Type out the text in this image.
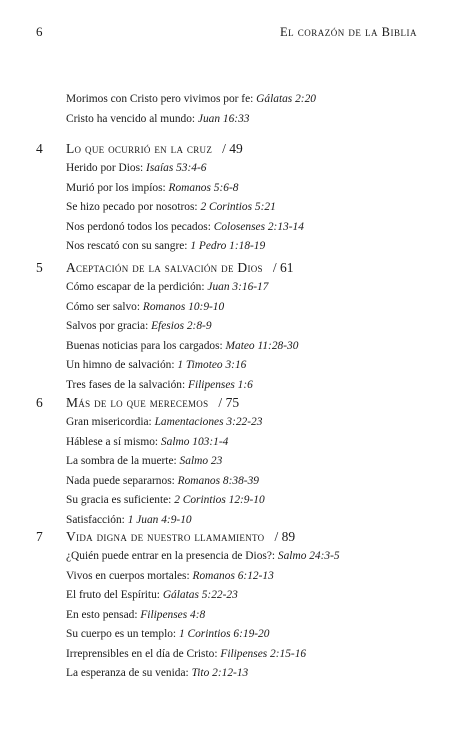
6	El corazón de la Biblia
Morimos con Cristo pero vivimos por fe: Gálatas 2:20
Cristo ha vencido al mundo: Juan 16:33
4 Lo que ocurrió en la cruz / 49
Herido por Dios: Isaías 53:4-6
Murió por los impíos: Romanos 5:6-8
Se hizo pecado por nosotros: 2 Corintios 5:21
Nos perdonó todos los pecados: Colosenses 2:13-14
Nos rescató con su sangre: 1 Pedro 1:18-19
5 Aceptación de la salvación de Dios / 61
Cómo escapar de la perdición: Juan 3:16-17
Cómo ser salvo: Romanos 10:9-10
Salvos por gracia: Efesios 2:8-9
Buenas noticias para los cargados: Mateo 11:28-30
Un himno de salvación: 1 Timoteo 3:16
Tres fases de la salvación: Filipenses 1:6
6 Más de lo que merecemos / 75
Gran misericordia: Lamentaciones 3:22-23
Háblese a sí mismo: Salmo 103:1-4
La sombra de la muerte: Salmo 23
Nada puede separarnos: Romanos 8:38-39
Su gracia es suficiente: 2 Corintios 12:9-10
Satisfacción: 1 Juan 4:9-10
7 Vida digna de nuestro llamamiento / 89
¿Quién puede entrar en la presencia de Dios?: Salmo 24:3-5
Vivos en cuerpos mortales: Romanos 6:12-13
El fruto del Espíritu: Gálatas 5:22-23
En esto pensad: Filipenses 4:8
Su cuerpo es un templo: 1 Corintios 6:19-20
Irreprensibles en el día de Cristo: Filipenses 2:15-16
La esperanza de su venida: Tito 2:12-13
